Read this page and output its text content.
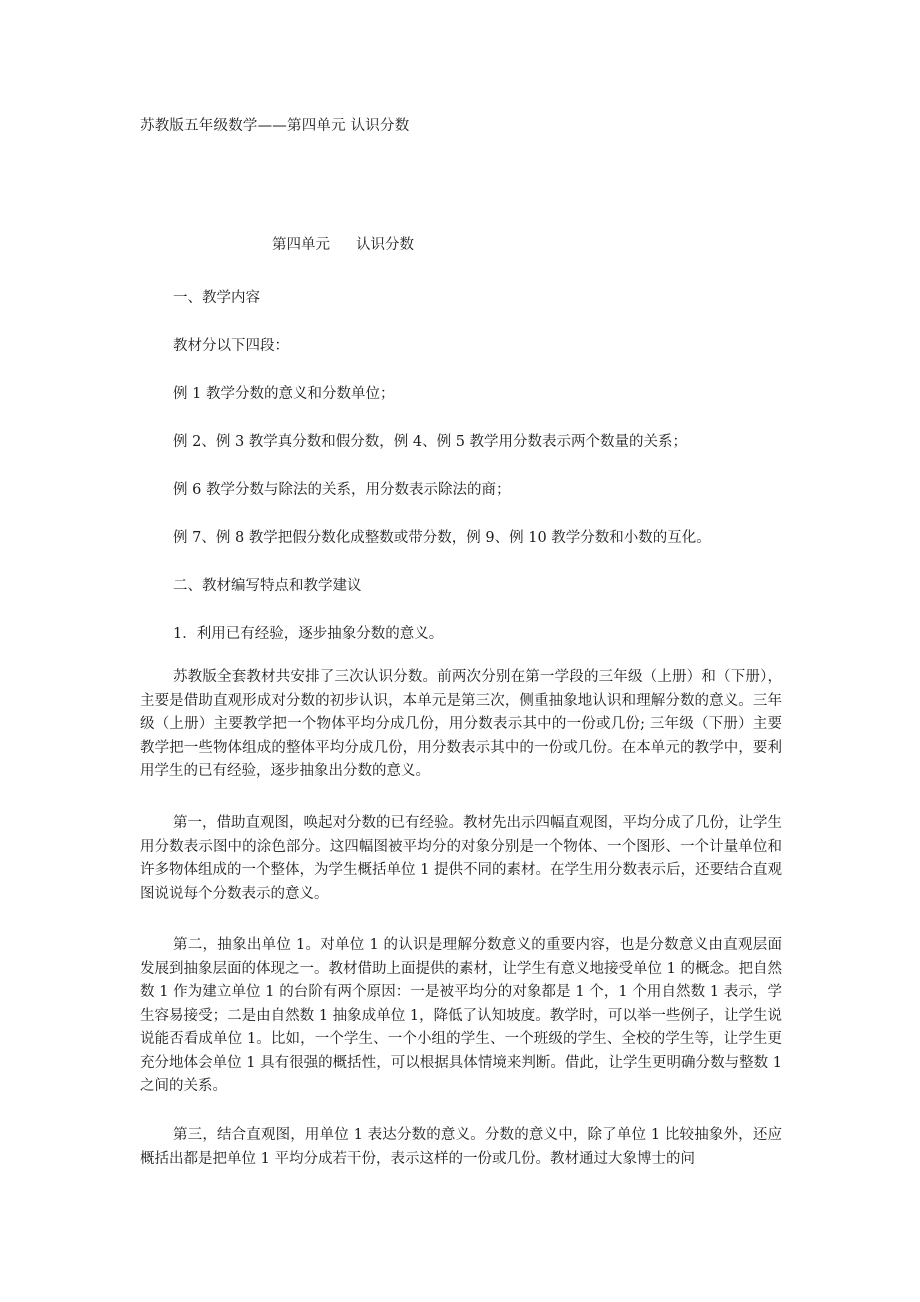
苏教版五年级数学——第四单元 认识分数
第四单元 认识分数
一、教学内容
教材分以下四段：
例 1 教学分数的意义和分数单位；
例 2、例 3 教学真分数和假分数，例 4、例 5 教学用分数表示两个数量的关系；
例 6 教学分数与除法的关系，用分数表示除法的商；
例 7、例 8 教学把假分数化成整数或带分数，例 9、例 10 教学分数和小数的互化。
二、教材编写特点和教学建议
1．利用已有经验，逐步抽象分数的意义。

苏教版全套教材共安排了三次认识分数。前两次分别在第一学段的三年级（上册）和（下册），主要是借助直观形成对分数的初步认识，本单元是第三次，侧重抽象地认识和理解分数的意义。三年级（上册）主要教学把一个物体平均分成几份，用分数表示其中的一份或几份; 三年级（下册）主要教学把一些物体组成的整体平均分成几份，用分数表示其中的一份或几份。在本单元的教学中，要利用学生的已有经验，逐步抽象出分数的意义。

第一，借助直观图，唤起对分数的已有经验。教材先出示四幅直观图，平均分成了几份，让学生用分数表示图中的涂色部分。这四幅图被平均分的对象分别是一个物体、一个图形、一个计量单位和许多物体组成的一个整体，为学生概括单位 1 提供不同的素材。在学生用分数表示后，还要结合直观图说说每个分数表示的意义。

第二，抽象出单位 1。对单位 1 的认识是理解分数意义的重要内容，也是分数意义由直观层面发展到抽象层面的体现之一。教材借助上面提供的素材，让学生有意义地接受单位 1 的概念。把自然数 1 作为建立单位 1 的台阶有两个原因：一是被平均分的对象都是 1 个，1 个用自然数 1 表示，学生容易接受；二是由自然数 1 抽象成单位 1，降低了认知坡度。教学时，可以举一些例子，让学生说说能否看成单位 1。比如，一个学生、一个小组的学生、一个班级的学生、全校的学生等，让学生更充分地体会单位 1 具有很强的概括性，可以根据具体情境来判断。借此，让学生更明确分数与整数 1 之间的关系。

第三，结合直观图，用单位 1 表达分数的意义。分数的意义中，除了单位 1 比较抽象外，还应概括出都是把单位 1 平均分成若干份，表示这样的一份或几份。教材通过大象博士的问
